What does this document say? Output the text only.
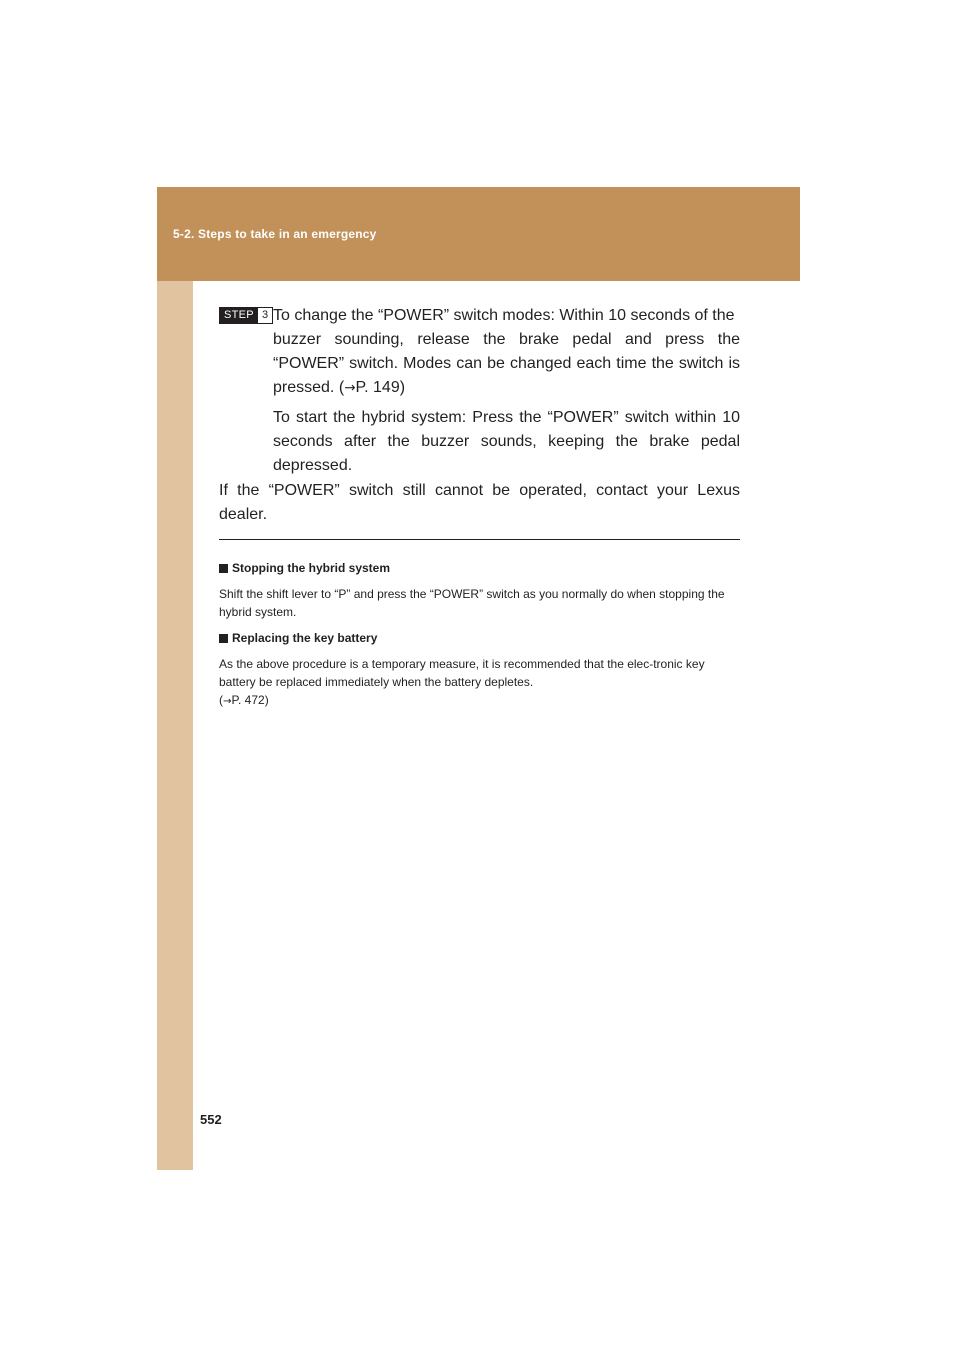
5-2. Steps to take in an emergency
STEP 3 To change the “POWER” switch modes: Within 10 seconds of the
buzzer sounding, release the brake pedal and press the “POWER” switch. Modes can be changed each time the switch is pressed. (→P. 149)
To start the hybrid system: Press the “POWER” switch within 10 seconds after the buzzer sounds, keeping the brake pedal depressed.
If the “POWER” switch still cannot be operated, contact your Lexus dealer.
Stopping the hybrid system
Shift the shift lever to “P” and press the “POWER” switch as you normally do when stopping the hybrid system.
Replacing the key battery
As the above procedure is a temporary measure, it is recommended that the elec-tronic key battery be replaced immediately when the battery depletes.
(→P. 472)
552
